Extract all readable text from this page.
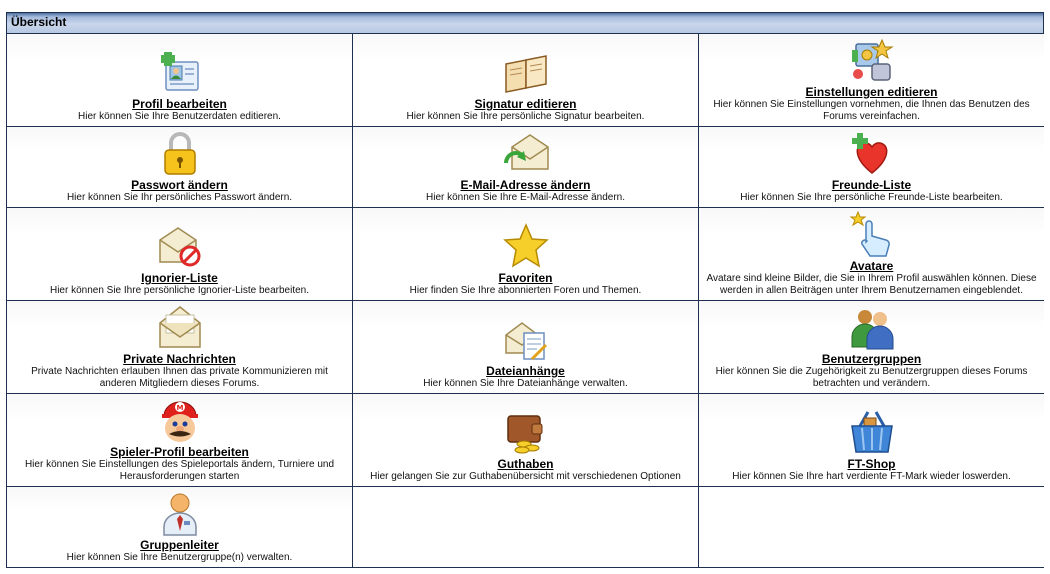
Übersicht
Profil bearbeiten
Hier können Sie Ihre Benutzerdaten editieren.
Signatur editieren
Hier können Sie Ihre persönliche Signatur bearbeiten.
Einstellungen editieren
Hier können Sie Einstellungen vornehmen, die Ihnen das Benutzen des Forums vereinfachen.
Passwort ändern
Hier können Sie Ihr persönliches Passwort ändern.
E-Mail-Adresse ändern
Hier können Sie Ihre E-Mail-Adresse ändern.
Freunde-Liste
Hier können Sie Ihre persönliche Freunde-Liste bearbeiten.
Ignorier-Liste
Hier können Sie Ihre persönliche Ignorier-Liste bearbeiten.
Favoriten
Hier finden Sie Ihre abonnierten Foren und Themen.
Avatare
Avatare sind kleine Bilder, die Sie in Ihrem Profil auswählen können. Diese werden in allen Beiträgen unter Ihrem Benutzernamen eingeblendet.
Private Nachrichten
Private Nachrichten erlauben Ihnen das private Kommunizieren mit anderen Mitgliedern dieses Forums.
Dateianhänge
Hier können Sie Ihre Dateianhänge verwalten.
Benutzergruppen
Hier können Sie die Zugehörigkeit zu Benutzergruppen dieses Forums betrachten und verändern.
M
Spieler-Profil bearbeiten
Hier können Sie Einstellungen des Spieleportals ändern, Turniere und Herausforderungen starten
Guthaben
Hier gelangen Sie zur Guthabenübersicht mit verschiedenen Optionen
FT-Shop
Hier können Sie Ihre hart verdiente FT-Mark wieder loswerden.
Gruppenleiter
Hier können Sie Ihre Benutzergruppe(n) verwalten.
